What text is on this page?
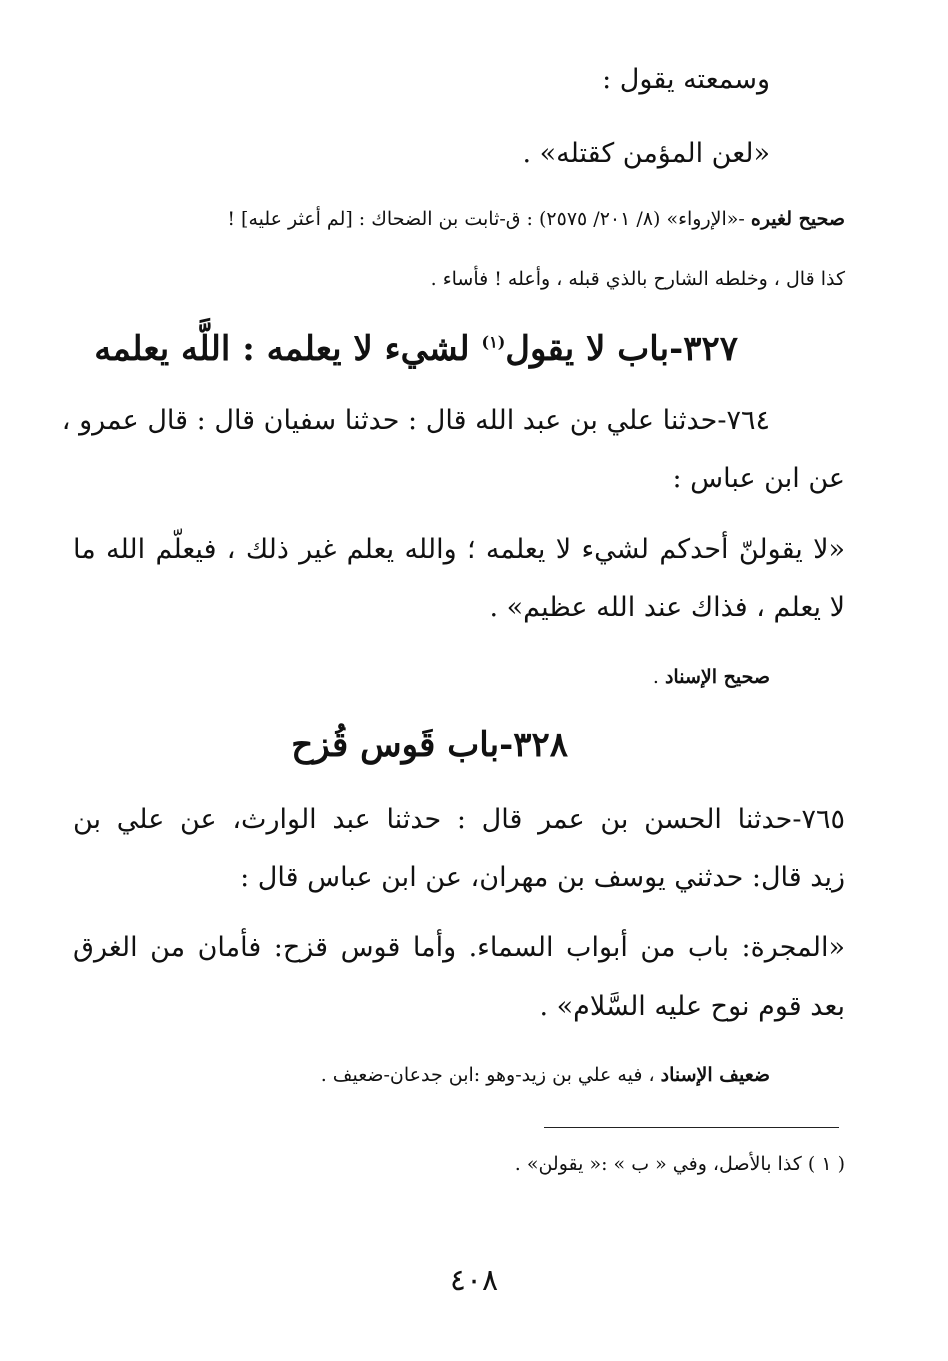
وسمعته يقول :
«لعن المؤمن كقتله» .
صحيح لغيره -«الإرواء» (٨/ ٢٠١/ ٢٥٧٥) : ق-ثابت بن الضحاك : [لم أعثر عليه] !
كذا قال ، وخلطه الشارح بالذي قبله ، وأعله ! فأساء .
٣٢٧-باب لا يقول$^{(١)}$ لشيء لا يعلمه : اللَّه يعلمه
٧٦٤-حدثنا علي بن عبد الله قال : حدثنا سفيان قال : قال عمرو ،
عن ابن عباس :
«لا يقولنّ أحدكم لشيء لا يعلمه ؛ والله يعلم غير ذلك ، فيعلّم الله ما
لا يعلم ، فذاك عند الله عظيم» .
صحيح الإسناد .
٣٢٨-باب قَوس قُزح
٧٦٥-حدثنا الحسن بن عمر قال : حدثنا عبد الوارث، عن علي بن
زيد قال: حدثني يوسف بن مهران، عن ابن عباس قال :
«المجرة: باب من أبواب السماء. وأما قوس قزح: فأمان من الغرق
بعد قوم نوح عليه السَّلام» .
ضعيف الإسناد ، فيه علي بن زيد-وهو :ابن جدعان-ضعيف .
( ١ ) كذا بالأصل، وفي « ب » :« يقولن» .
٤٠٨
